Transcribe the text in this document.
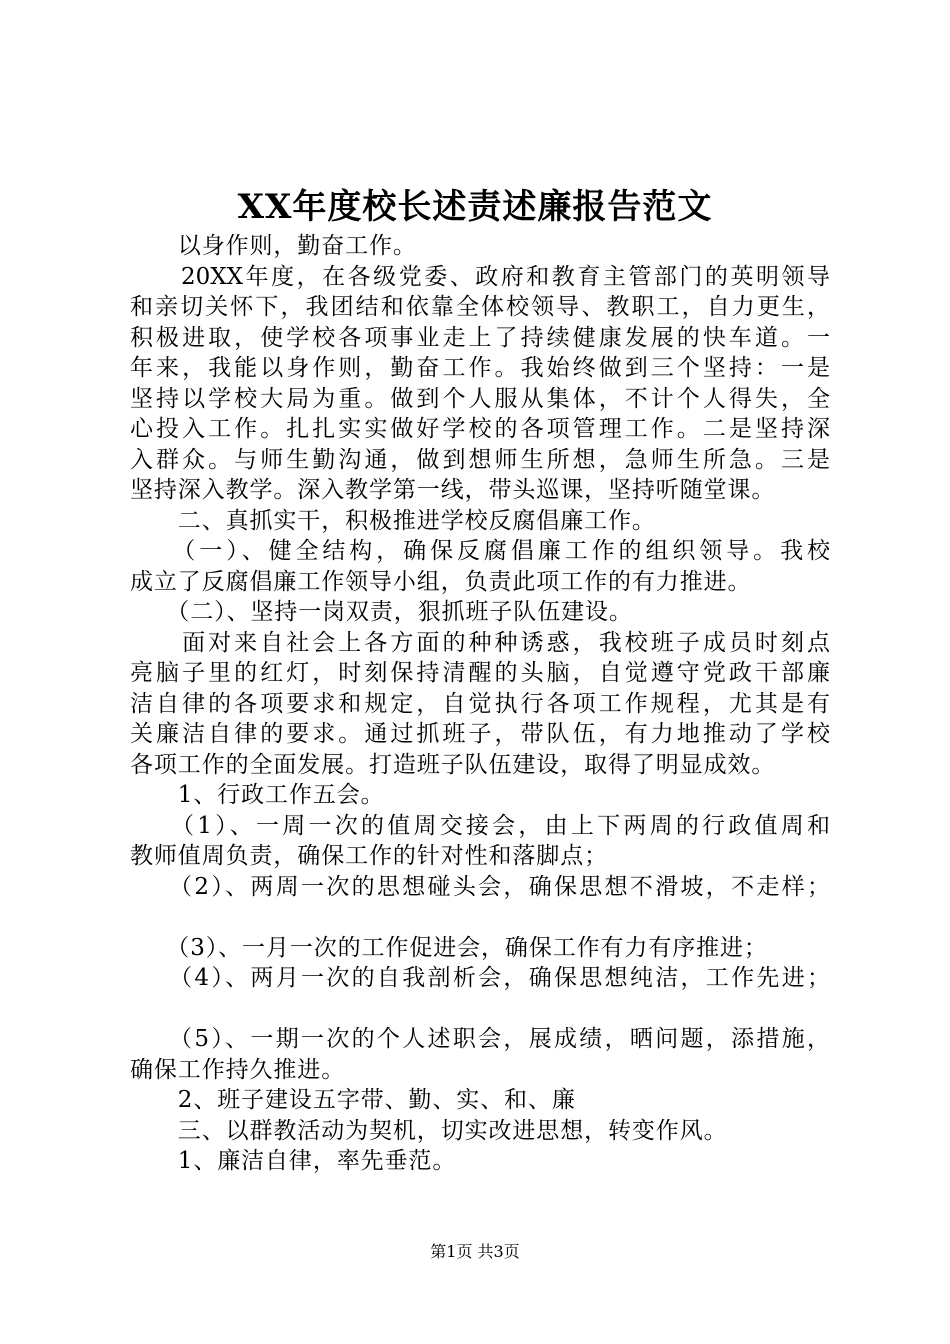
XX年度校长述责述廉报告范文
　　以身作则，勤奋工作。
　　20XX年度，在各级党委、政府和教育主管部门的英明领导
和亲切关怀下，我团结和依靠全体校领导、教职工，自力更生，
积极进取，使学校各项事业走上了持续健康发展的快车道。一
年来，我能以身作则，勤奋工作。我始终做到三个坚持：一是
坚持以学校大局为重。做到个人服从集体，不计个人得失，全
心投入工作。扎扎实实做好学校的各项管理工作。二是坚持深
入群众。与师生勤沟通，做到想师生所想，急师生所急。三是
坚持深入教学。深入教学第一线，带头巡课，坚持听随堂课。
　　二、真抓实干，积极推进学校反腐倡廉工作。
　　（一）、健全结构，确保反腐倡廉工作的组织领导。我校
成立了反腐倡廉工作领导小组，负责此项工作的有力推进。
　　（二）、坚持一岗双责，狠抓班子队伍建设。
　　面对来自社会上各方面的种种诱惑，我校班子成员时刻点
亮脑子里的红灯，时刻保持清醒的头脑，自觉遵守党政干部廉
洁自律的各项要求和规定，自觉执行各项工作规程，尤其是有
关廉洁自律的要求。通过抓班子，带队伍，有力地推动了学校
各项工作的全面发展。打造班子队伍建设，取得了明显成效。
　　1、行政工作五会。
　　（1）、一周一次的值周交接会，由上下两周的行政值周和
教师值周负责，确保工作的针对性和落脚点；
　　（2）、两周一次的思想碰头会，确保思想不滑坡，不走样；
　　（3）、一月一次的工作促进会，确保工作有力有序推进；
　　（4）、两月一次的自我剖析会，确保思想纯洁，工作先进；
　　（5）、一期一次的个人述职会，展成绩，晒问题，添措施，
确保工作持久推进。
　　2、班子建设五字带、勤、实、和、廉
　　三、以群教活动为契机，切实改进思想，转变作风。
　　1、廉洁自律，率先垂范。
第1页 共3页
